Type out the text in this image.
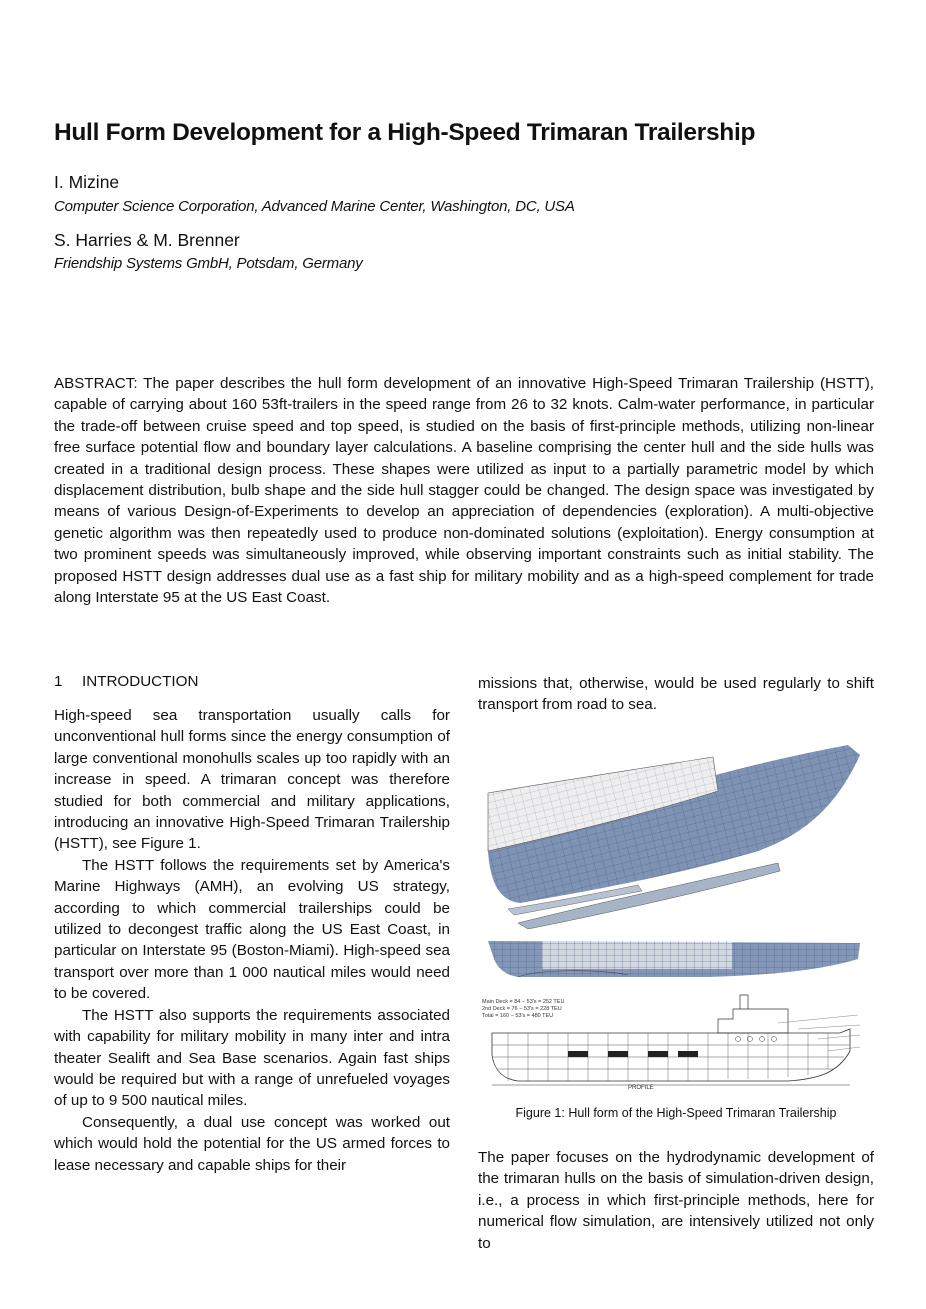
Hull Form Development for a High-Speed Trimaran Trailership
I. Mizine
Computer Science Corporation, Advanced Marine Center, Washington, DC, USA
S. Harries & M. Brenner
Friendship Systems GmbH, Potsdam, Germany
ABSTRACT: The paper describes the hull form development of an innovative High-Speed Trimaran Trailership (HSTT), capable of carrying about 160 53ft-trailers in the speed range from 26 to 32 knots. Calm-water performance, in particular the trade-off between cruise speed and top speed, is studied on the basis of first-principle methods, utilizing non-linear free surface potential flow and boundary layer calculations. A baseline comprising the center hull and the side hulls was created in a traditional design process. These shapes were utilized as input to a partially parametric model by which displacement distribution, bulb shape and the side hull stagger could be changed. The design space was investigated by means of various Design-of-Experiments to develop an appreciation of dependencies (exploration). A multi-objective genetic algorithm was then repeatedly used to produce non-dominated solutions (exploitation). Energy consumption at two prominent speeds was simultaneously improved, while observing important constraints such as initial stability. The proposed HSTT design addresses dual use as a fast ship for military mobility and as a high-speed complement for trade along Interstate 95 at the US East Coast.
1 INTRODUCTION

High-speed sea transportation usually calls for unconventional hull forms since the energy consumption of large conventional monohulls scales up too rapidly with an increase in speed. A trimaran concept was therefore studied for both commercial and military applications, introducing an innovative High-Speed Trimaran Trailership (HSTT), see Figure 1.

The HSTT follows the requirements set by America's Marine Highways (AMH), an evolving US strategy, according to which commercial trailerships could be utilized to decongest traffic along the US East Coast, in particular on Interstate 95 (Boston-Miami). High-speed sea transport over more than 1 000 nautical miles would need to be covered.

The HSTT also supports the requirements associated with capability for military mobility in many inter and intra theater Sealift and Sea Base scenarios. Again fast ships would be required but with a range of unrefueled voyages of up to 9 500 nautical miles.

Consequently, a dual use concept was worked out which would hold the potential for the US armed forces to lease necessary and capable ships for their

missions that, otherwise, would be used regularly to shift transport from road to sea.

Main Deck = 84 − 53's = 252 TEU
2nd Deck = 76 − 53's = 228 TEU
Total = 160 − 53's = 480 TEU
PROFILE
Figure 1: Hull form of the High-Speed Trimaran Trailership

The paper focuses on the hydrodynamic development of the trimaran hulls on the basis of simulation-driven design, i.e., a process in which first-principle methods, here for numerical flow simulation, are intensively utilized not only to
